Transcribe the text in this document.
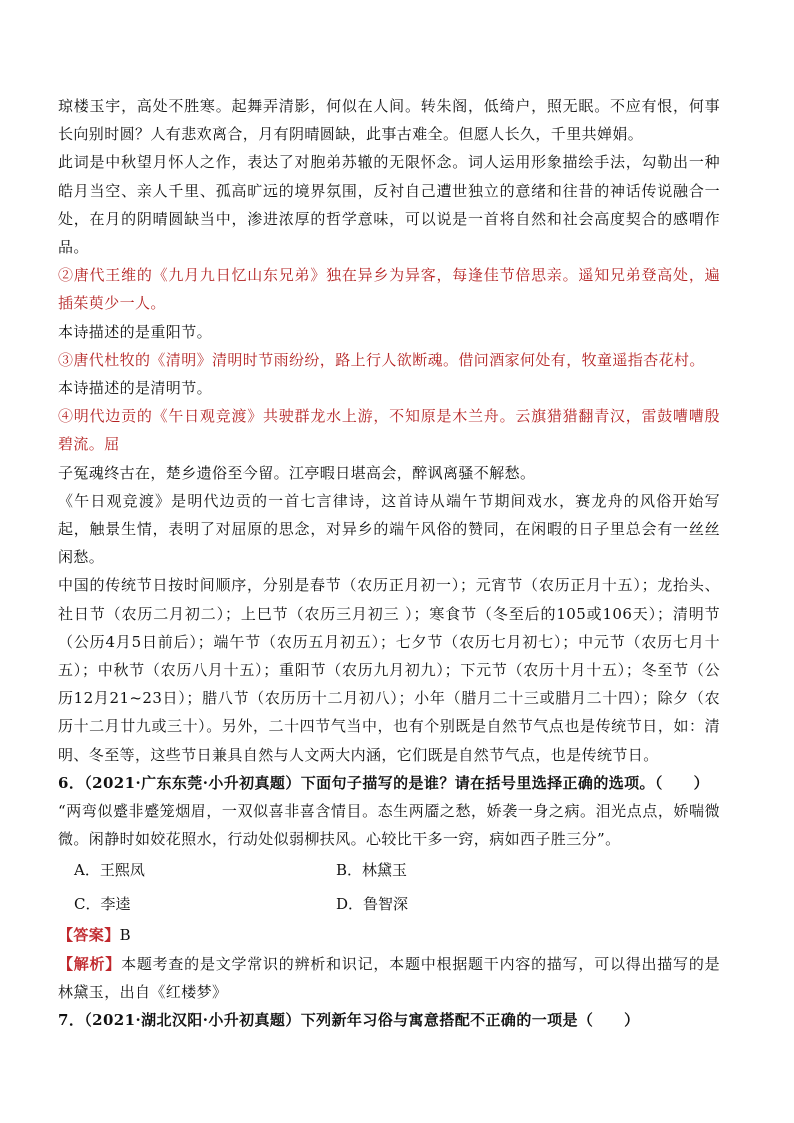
琼楼玉宇，高处不胜寒。起舞弄清影，何似在人间。转朱阁，低绮户，照无眠。不应有恨，何事长向别时圆？人有悲欢离合，月有阴晴圆缺，此事古难全。但愿人长久，千里共婵娟。

此词是中秋望月怀人之作，表达了对胞弟苏辙的无限怀念。词人运用形象描绘手法，勾勒出一种皓月当空、亲人千里、孤高旷远的境界氛围，反衬自己遭世独立的意绪和往昔的神话传说融合一处，在月的阴晴圆缺当中，渗进浓厚的哲学意味，可以说是一首将自然和社会高度契合的感喟作品。

②唐代王维的《九月九日忆山东兄弟》独在异乡为异客，每逢佳节倍思亲。遥知兄弟登高处，遍插茱萸少一人。

本诗描述的是重阳节。

③唐代杜牧的《清明》清明时节雨纷纷，路上行人欲断魂。借问酒家何处有，牧童遥指杏花村。

本诗描述的是清明节。

④明代边贡的《午日观竞渡》共驶群龙水上游，不知原是木兰舟。云旗猎猎翻青汉，雷鼓嘈嘈殷碧流。屈

子冤魂终古在，楚乡遗俗至今留。江亭暇日堪高会，醉讽离骚不解愁。

《午日观竞渡》是明代边贡的一首七言律诗，这首诗从端午节期间戏水，赛龙舟的风俗开始写起，触景生情，表明了对屈原的思念，对异乡的端午风俗的赞同，在闲暇的日子里总会有一丝丝闲愁。

中国的传统节日按时间顺序，分别是春节（农历正月初一）；元宵节（农历正月十五）；龙抬头、社日节（农历二月初二）；上巳节（农历三月初三 ）；寒食节（冬至后的105或106天）；清明节（公历4月5日前后）；端午节（农历五月初五）；七夕节（农历七月初七）；中元节（农历七月十五）；中秋节（农历八月十五）；重阳节（农历九月初九）；下元节（农历十月十五）；冬至节（公历12月21~23日）；腊八节（农历历十二月初八）；小年（腊月二十三或腊月二十四）；除夕（农历十二月廿九或三十）。另外，二十四节气当中，也有个别既是自然节气点也是传统节日，如：清明、冬至等，这些节日兼具自然与人文两大内涵，它们既是自然节气点，也是传统节日。

6．（2021·广东东莞·小升初真题）下面句子描写的是谁？请在括号里选择正确的选项。（　　）

“两弯似蹙非蹙笼烟眉，一双似喜非喜含情目。态生两靥之愁，娇袭一身之病。泪光点点，娇喘微微。闲静时如姣花照水，行动处似弱柳扶风。心较比干多一窍，病如西子胜三分”。

A．王熙凤	B．林黛玉

C．李逵	D．鲁智深

【答案】B

【解析】本题考查的是文学常识的辨析和识记，本题中根据题干内容的描写，可以得出描写的是林黛玉，出自《红楼梦》

7．（2021·湖北汉阳·小升初真题）下列新年习俗与寓意搭配不正确的一项是（　　）
